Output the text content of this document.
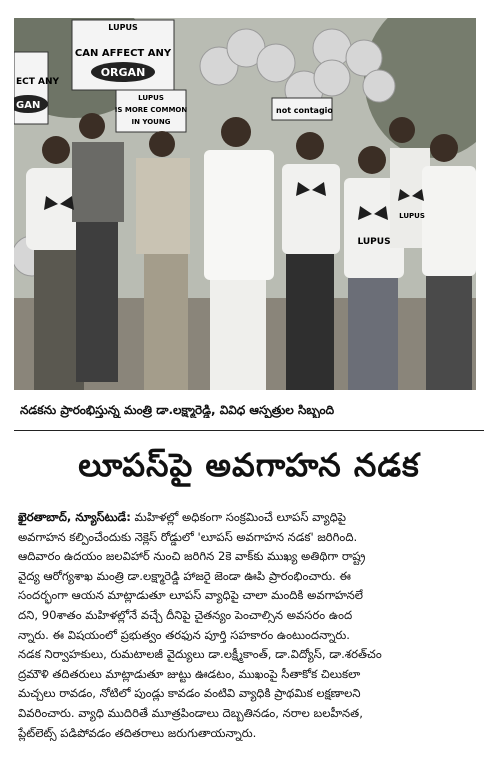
LUPUS
CAN AFFECT ANY
ORGAN
ECT ANY
GAN
LUPUS
IS MORE COMMON
IN YOUNG
not contagio
LUPUS
LUPUS
నడకను ప్రారంభిస్తున్న మంత్రి డా.లక్ష్మారెడ్డి, వివిధ ఆస్పత్రుల సిబ్బంది
లూపస్‌పై అవగాహన నడక

ఖైరతాబాద్, న్యూస్‌టుడే: మహిళల్లో అధికంగా సంక్రమించే లూపస్ వ్యాధిపై

అవగాహన కల్పించేందుకు నెక్లెస్ రోడ్డులో 'లూపస్ అవగాహన నడక' జరిగింది.

ఆదివారం ఉదయం జలవిహార్ నుంచి జరిగిన 2కె వాక్‌కు ముఖ్య అతిథిగా రాష్ట్ర

వైద్య ఆరోగ్యశాఖ మంత్రి డా.లక్ష్మారెడ్డి హాజరై జెండా ఊపి ప్రారంభించారు. ఈ

సందర్భంగా ఆయన మాట్లాడుతూ లూపస్ వ్యాధిపై చాలా మందికి అవగాహనలే

దని, 90శాతం మహిళల్లోనే వచ్చే దీనిపై చైతన్యం పెంచాల్సిన అవసరం ఉంద

న్నారు. ఈ విషయంలో ప్రభుత్వం తరఫున పూర్తి సహకారం ఉంటుందన్నారు.

నడక నిర్వాహకులు, రుమటాలజీ వైద్యులు డా.లక్ష్మీకాంత్, డా.విద్యోస్, డా.శరత్‌చం

ద్రమౌళి తదితరులు మాట్లాడుతూ జుట్టు ఊడటం, ముఖంపై సీతాకోక చిలుకలా

మచ్చలు రావడం, నోటిలో పుండ్లు కావడం వంటివి వ్యాధికి ప్రాథమిక లక్షణాలని

వివరించారు. వ్యాధి ముదిరితే మూత్రపిండాలు దెబ్బతినడం, నరాల బలహీనత,

ప్లేట్‌లెట్స్ పడిపోవడం తదితరాలు జరుగుతాయన్నారు.
